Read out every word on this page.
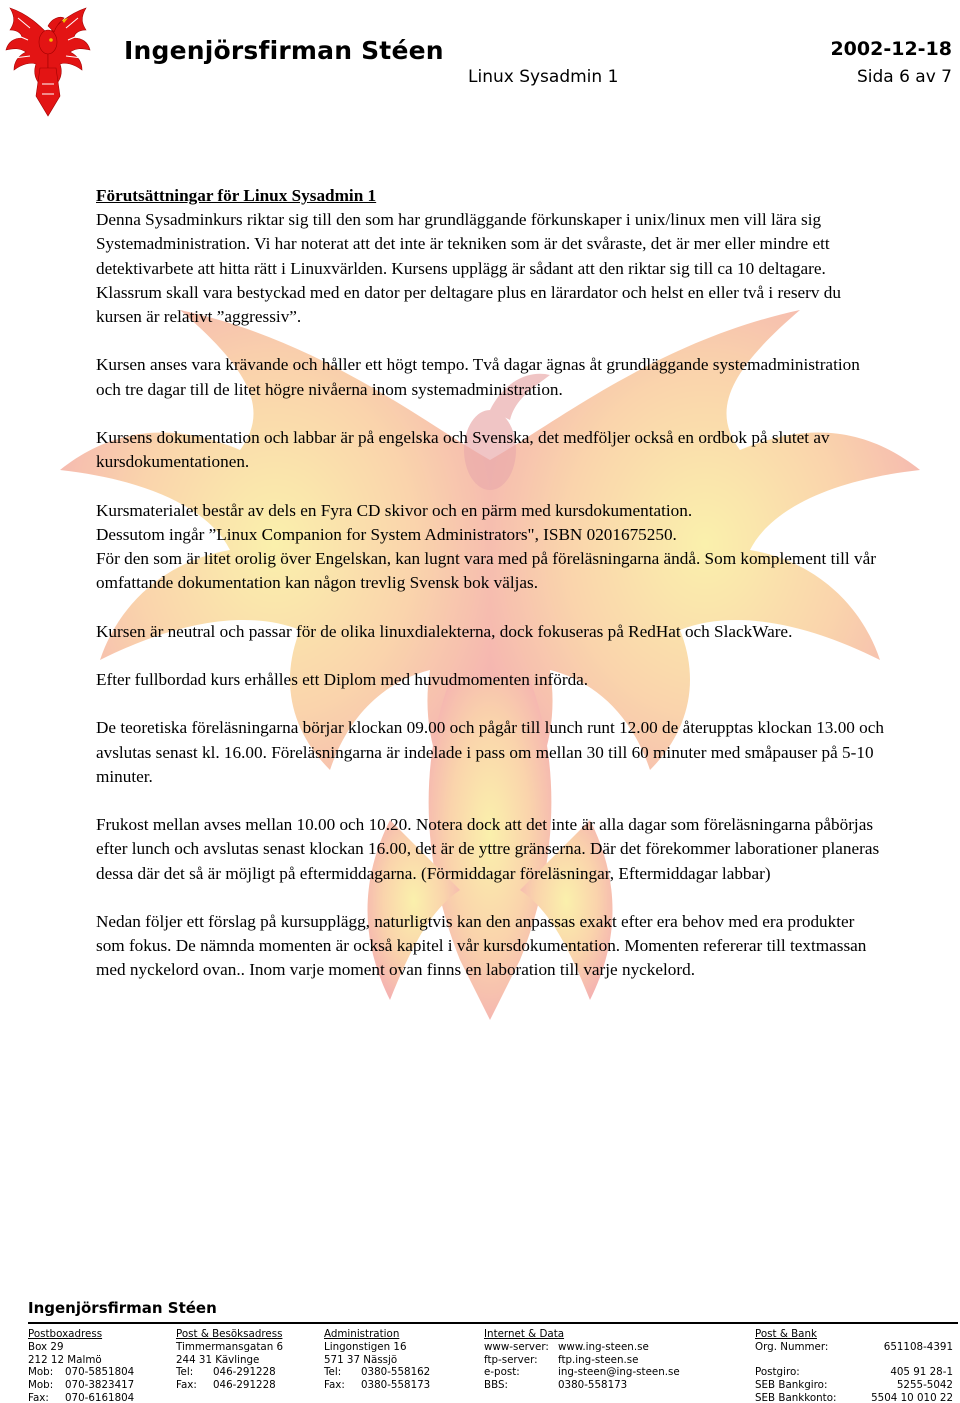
Ingenjörsfirman Stéen	2002-12-18
Linux Sysadmin 1	Sida 6 av 7

Förutsättningar för Linux Sysadmin 1

Denna Sysadminkurs riktar sig till den som har grundläggande förkunskaper i unix/linux men vill lära sig Systemadministration. Vi har noterat att det inte är tekniken som är det svåraste, det är mer eller mindre ett detektivarbete att hitta rätt i Linuxvärlden. Kursens upplägg är sådant att den riktar sig till ca 10 deltagare. Klassrum skall vara bestyckad med en dator per deltagare plus en lärardator och helst en eller två i reserv du kursen är relativt ”aggressiv”.

Kursen anses vara krävande och håller ett högt tempo. Två dagar ägnas åt grundläggande systemadministration och tre dagar till de litet högre nivåerna inom systemadministration.

Kursens dokumentation och labbar är på engelska och Svenska, det medföljer också en ordbok på slutet av kursdokumentationen.

Kursmaterialet består av dels en Fyra CD skivor och en pärm med kursdokumentation.

Dessutom ingår ”Linux Companion for System Administrators", ISBN 0201675250.

För den som är litet orolig över Engelskan, kan lugnt vara med på föreläsningarna ändå. Som komplement till vår omfattande dokumentation kan någon trevlig Svensk bok väljas.

Kursen är neutral och passar för de olika linuxdialekterna, dock fokuseras på RedHat och SlackWare.

Efter fullbordad kurs erhålles ett Diplom med huvudmomenten införda.

De teoretiska föreläsningarna börjar klockan 09.00 och pågår till lunch runt 12.00 de återupptas klockan 13.00 och avslutas senast kl. 16.00. Föreläsningarna är indelade i pass om mellan 30 till 60 minuter med småpauser på 5-10 minuter.

Frukost mellan avses mellan 10.00 och 10.20. Notera dock att det inte är alla dagar som föreläsningarna påbörjas efter lunch och avslutas senast klockan 16.00, det är de yttre gränserna. Där det förekommer laborationer planeras dessa där det så är möjligt på eftermiddagarna. (Förmiddagar föreläsningar, Eftermiddagar labbar)

Nedan följer ett förslag på kursupplägg, naturligtvis kan den anpassas exakt efter era behov med era produkter som fokus. De nämnda momenten är också kapitel i vår kursdokumentation. Momenten refererar till textmassan med nyckelord ovan.. Inom varje moment ovan finns en laboration till varje nyckelord.

Ingenjörsfirman Stéen
Postboxadress
Box 29
212 12 Malmö
Mob:	070-5851804
Mob:	070-3823417
Fax:	070-6161804
Post & Besöksadress
Timmermansgatan 6
244 31 Kävlinge
Tel:	046-291228
Fax:	046-291228
Administration
Lingonstigen 16
571 37 Nässjö
Tel:	0380-558162
Fax:	0380-558173
Internet & Data
www-server: www.ing-steen.se
ftp-server:	ftp.ing-steen.se
e-post:	ing-steen@ing-steen.se
BBS:	0380-558173
Post & Bank
Org. Nummer:	651108-4391

Postgiro:	405 91 28-1
SEB Bankgiro:	5255-5042
SEB Bankkonto:	5504 10 010 22
